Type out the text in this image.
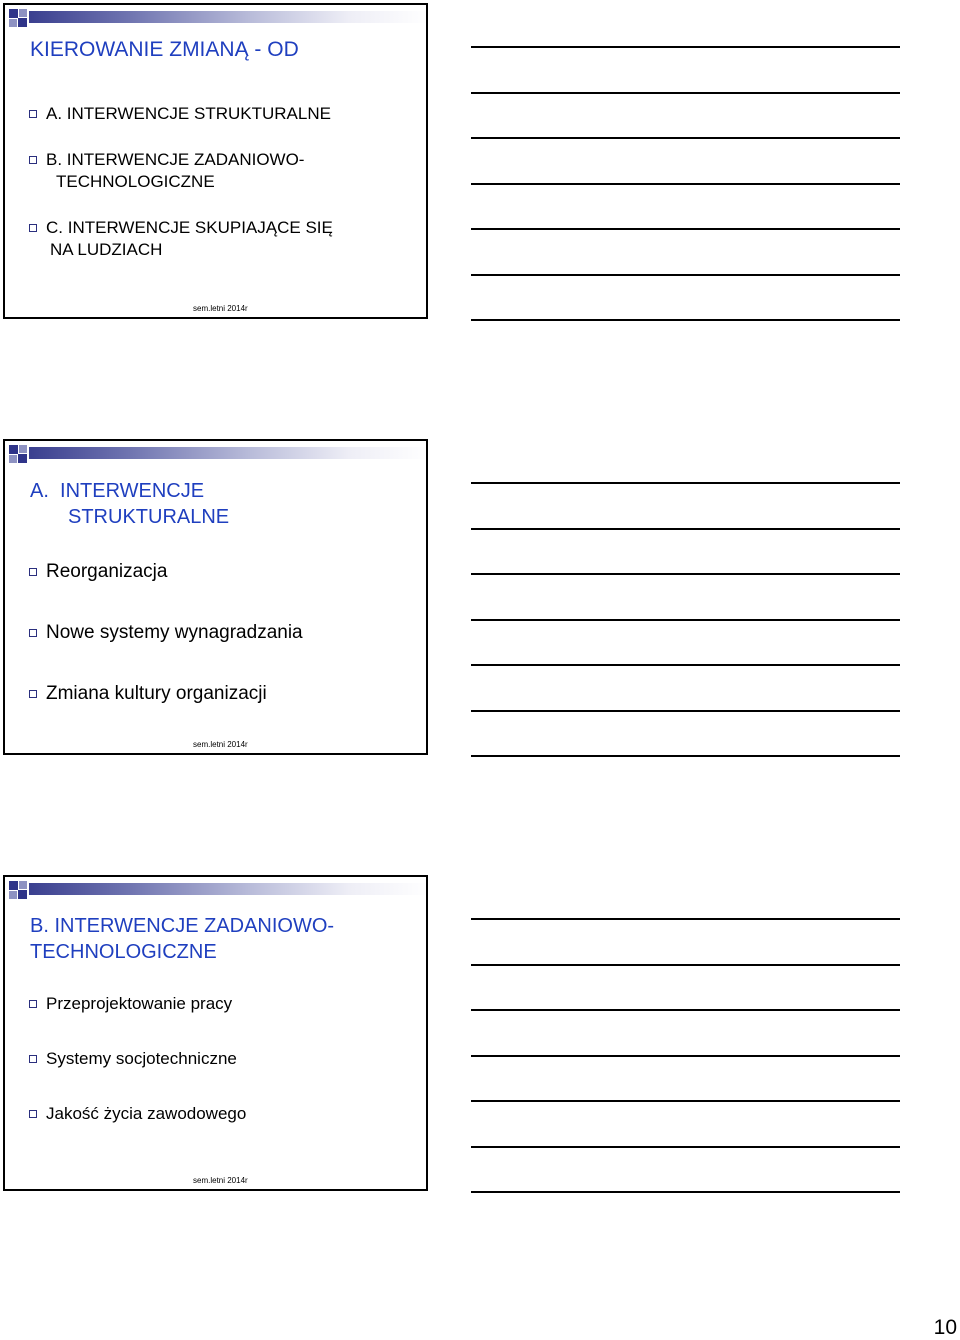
KIEROWANIE ZMIANĄ - OD
A. INTERWENCJE STRUKTURALNE
B. INTERWENCJE ZADANIOWO-
TECHNOLOGICZNE
C. INTERWENCJE SKUPIAJĄCE SIĘ
NA LUDZIACH
sem.letni 2014r
A.  INTERWENCJE
STRUKTURALNE
Reorganizacja
Nowe systemy wynagradzania
Zmiana kultury organizacji
sem.letni 2014r
B. INTERWENCJE ZADANIOWO-
TECHNOLOGICZNE
Przeprojektowanie pracy
Systemy socjotechniczne
Jakość życia zawodowego
sem.letni 2014r
10
